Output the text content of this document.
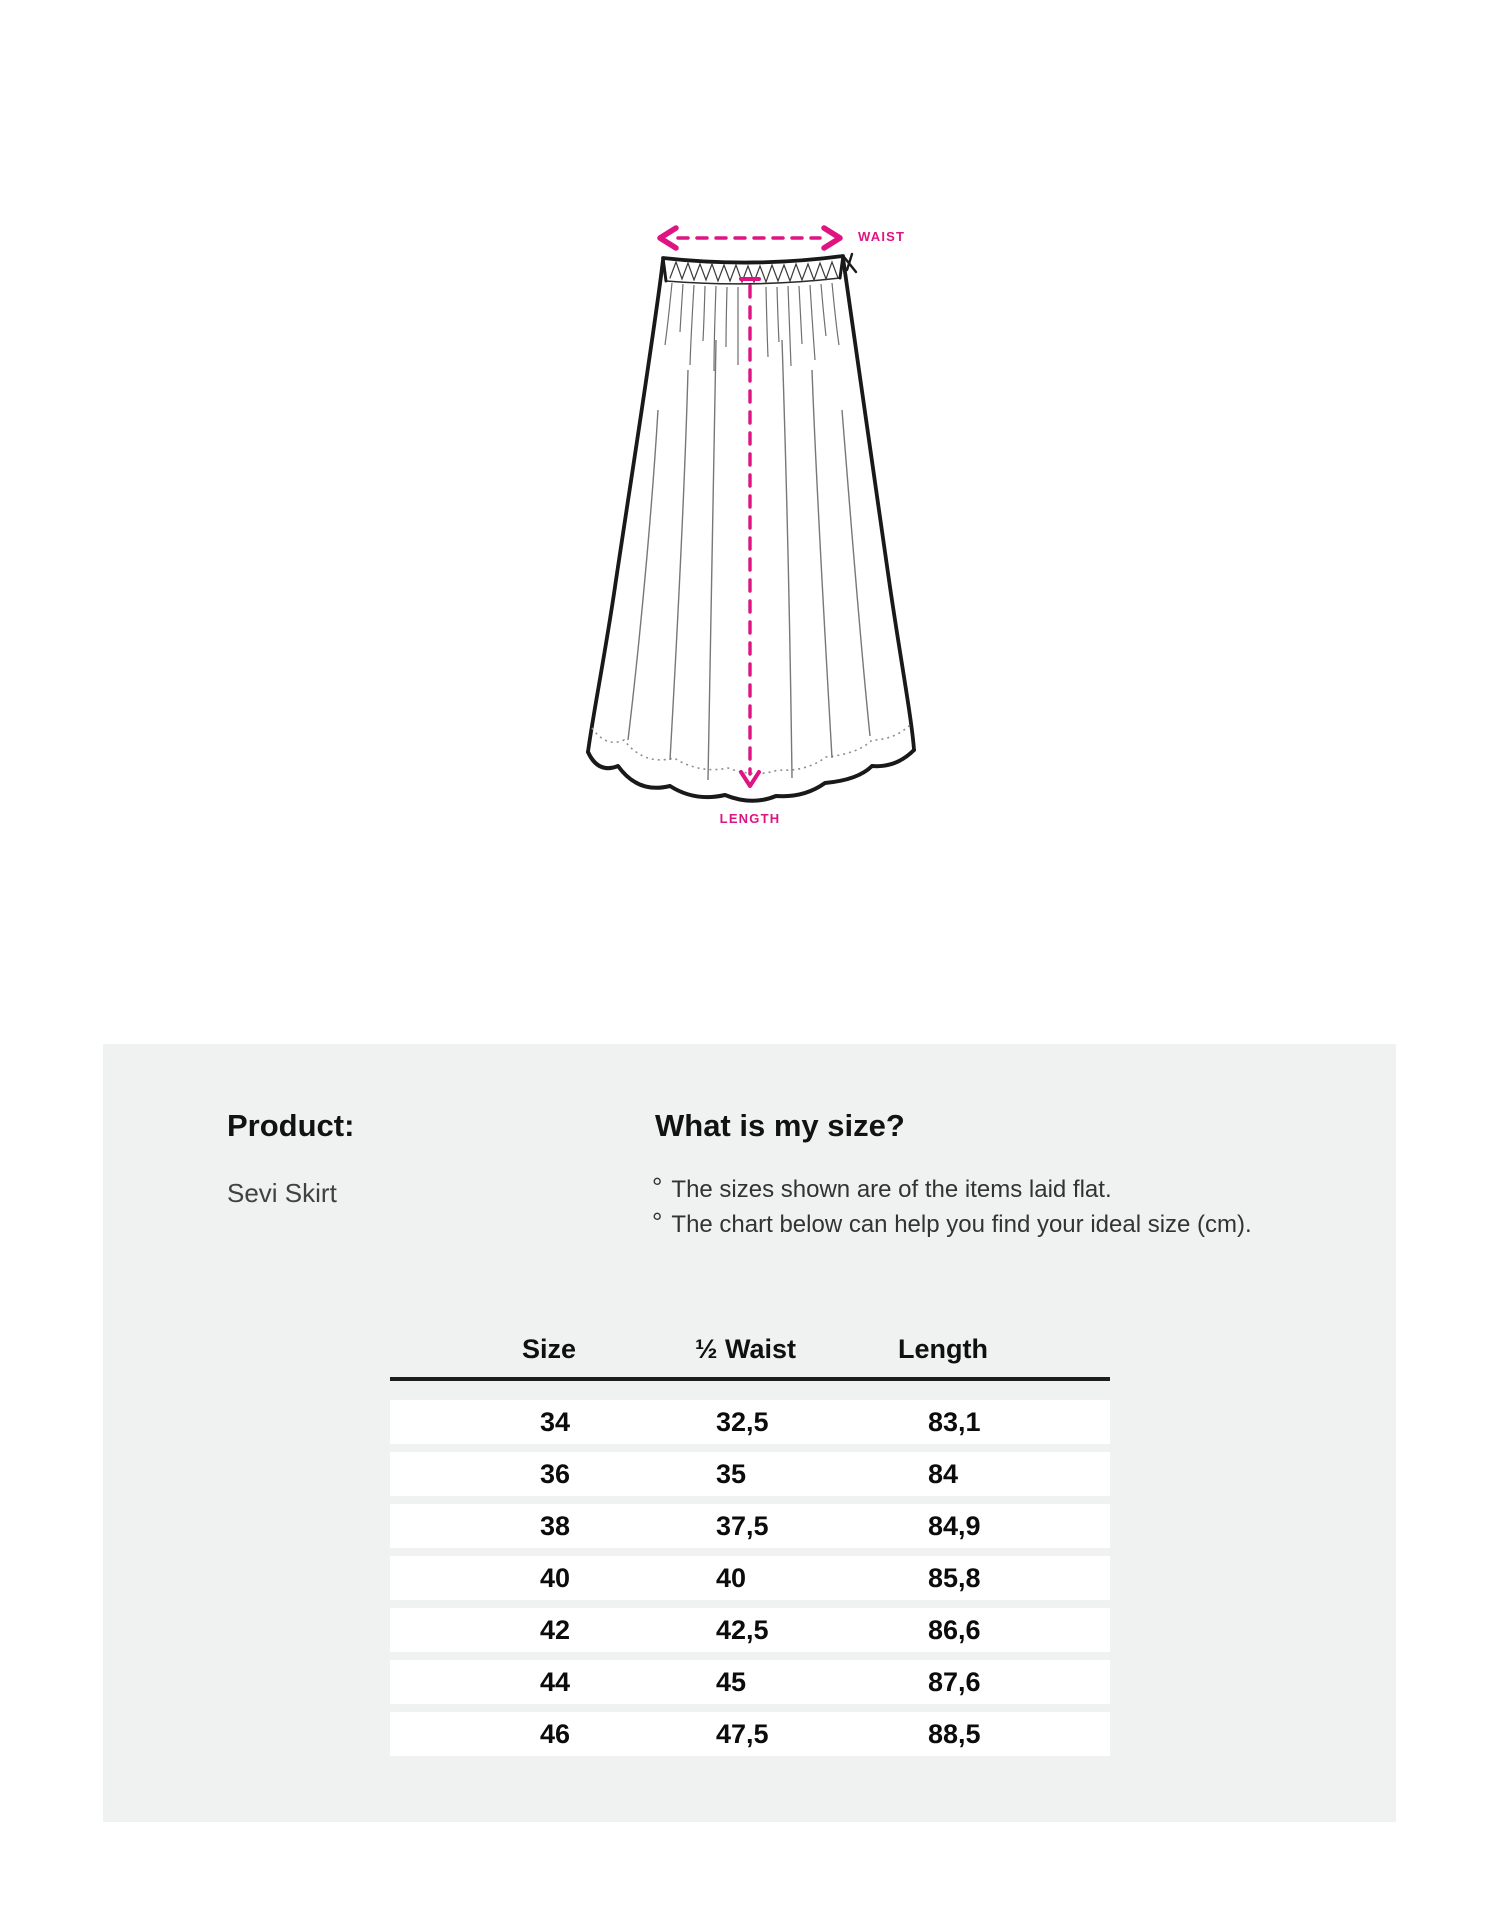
WAIST
LENGTH
Product:
Sevi Skirt
What is my size?
° The sizes shown are of the items laid flat.
° The chart below can help you find your ideal size (cm).
Size	½ Waist	Length
34	32,5	83,1
36	35	84
38	37,5	84,9
40	40	85,8
42	42,5	86,6
44	45	87,6
46	47,5	88,5
